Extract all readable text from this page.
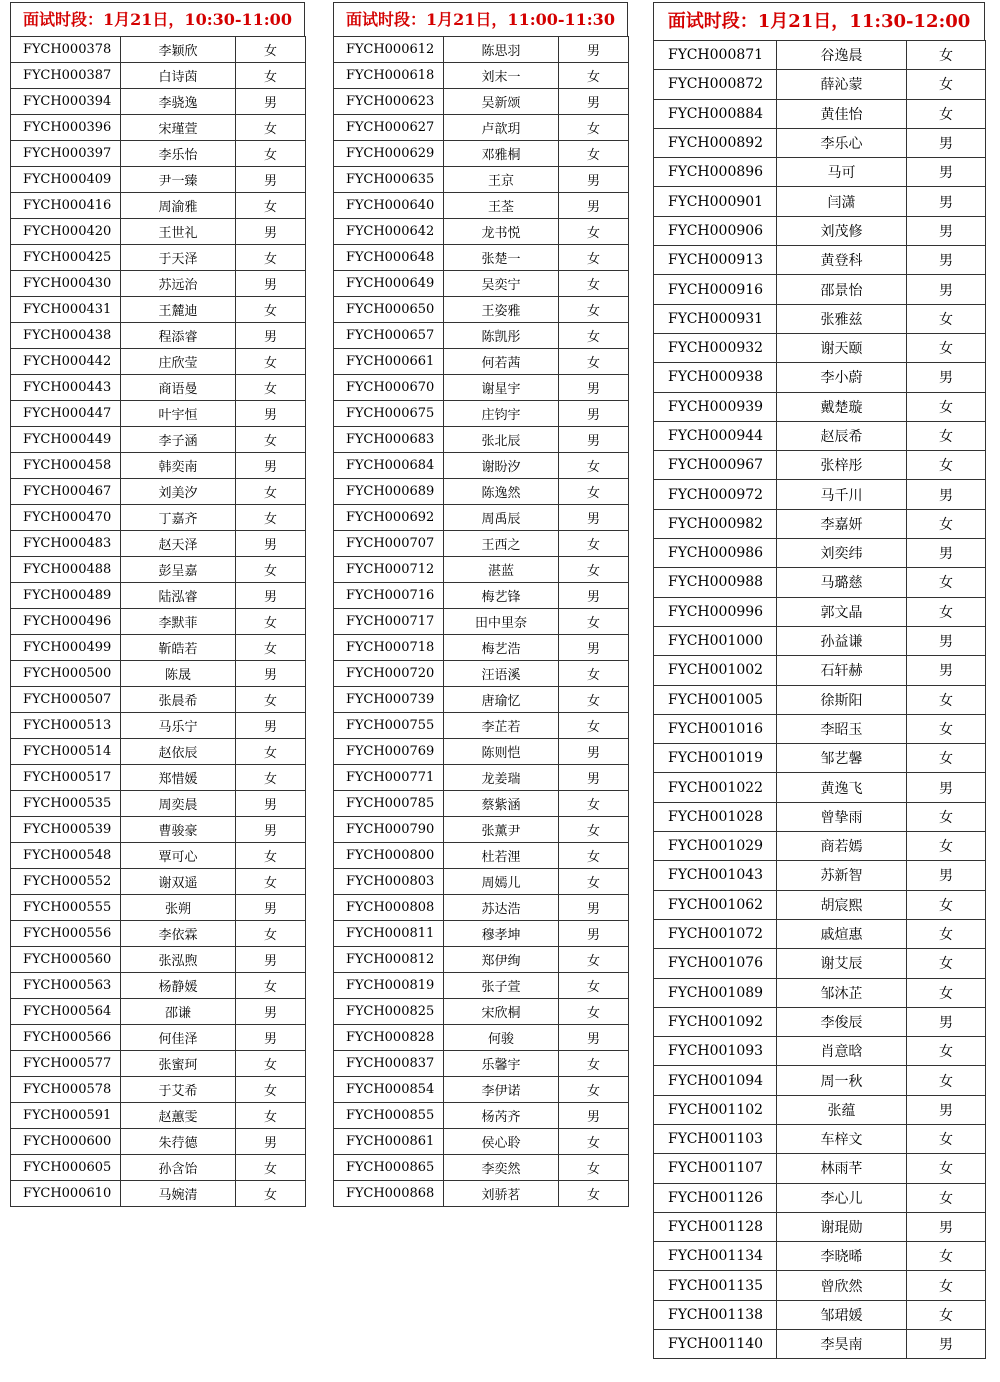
面试时段：1月21日，10:30-11:00
FYCH000378	李颖欣	女
FYCH000387	白诗茵	女
FYCH000394	李骁逸	男
FYCH000396	宋瑾萱	女
FYCH000397	李乐怡	女
FYCH000409	尹一臻	男
FYCH000416	周渝雅	女
FYCH000420	王世礼	男
FYCH000425	于天泽	女
FYCH000430	苏远治	男
FYCH000431	王麓迪	女
FYCH000438	程添睿	男
FYCH000442	庄欣莹	女
FYCH000443	商语曼	女
FYCH000447	叶宇恒	男
FYCH000449	李子涵	女
FYCH000458	韩奕南	男
FYCH000467	刘美汐	女
FYCH000470	丁嘉齐	女
FYCH000483	赵天泽	男
FYCH000488	彭呈嘉	女
FYCH000489	陆泓睿	男
FYCH000496	李默菲	女
FYCH000499	靳皓若	女
FYCH000500	陈晟	男
FYCH000507	张晨希	女
FYCH000513	马乐宁	男
FYCH000514	赵依辰	女
FYCH000517	郑惜媛	女
FYCH000535	周奕晨	男
FYCH000539	曹骏豪	男
FYCH000548	覃可心	女
FYCH000552	谢双遥	女
FYCH000555	张朔	男
FYCH000556	李依霖	女
FYCH000560	张泓煦	男
FYCH000563	杨静媛	女
FYCH000564	邵谦	男
FYCH000566	何佳泽	男
FYCH000577	张蜜珂	女
FYCH000578	于艾希	女
FYCH000591	赵蕙雯	女
FYCH000600	朱荇德	男
FYCH000605	孙含饴	女
FYCH000610	马婉清	女
面试时段：1月21日，11:00-11:30
FYCH000612	陈思羽	男
FYCH000618	刘末一	女
FYCH000623	吴新颂	男
FYCH000627	卢歆玥	女
FYCH000629	邓雅桐	女
FYCH000635	王京	男
FYCH000640	王荃	男
FYCH000642	龙书悦	女
FYCH000648	张楚一	女
FYCH000649	吴奕宁	女
FYCH000650	王姿雅	女
FYCH000657	陈凯彤	女
FYCH000661	何若茜	女
FYCH000670	谢星宇	男
FYCH000675	庄钧宇	男
FYCH000683	张北辰	男
FYCH000684	谢盼汐	女
FYCH000689	陈逸然	女
FYCH000692	周禹辰	男
FYCH000707	王西之	女
FYCH000712	湛蓝	女
FYCH000716	梅艺锋	男
FYCH000717	田中里奈	女
FYCH000718	梅艺浩	男
FYCH000720	汪语溪	女
FYCH000739	唐瑜忆	女
FYCH000755	李芷若	女
FYCH000769	陈则恺	男
FYCH000771	龙姜瑞	男
FYCH000785	蔡紫涵	女
FYCH000790	张薰尹	女
FYCH000800	杜若浬	女
FYCH000803	周嫣儿	女
FYCH000808	苏达浩	男
FYCH000811	穆孝坤	男
FYCH000812	郑伊绚	女
FYCH000819	张子萱	女
FYCH000825	宋欣桐	女
FYCH000828	何骏	男
FYCH000837	乐馨宇	女
FYCH000854	李伊诺	女
FYCH000855	杨芮齐	男
FYCH000861	侯心聆	女
FYCH000865	李奕然	女
FYCH000868	刘骄茗	女
面试时段：1月21日，11:30-12:00
FYCH000871	谷逸晨	女
FYCH000872	薛沁蒙	女
FYCH000884	黄佳怡	女
FYCH000892	李乐心	男
FYCH000896	马可	男
FYCH000901	闫潇	男
FYCH000906	刘茂修	男
FYCH000913	黄登科	男
FYCH000916	邵景怡	男
FYCH000931	张雅兹	女
FYCH000932	谢天颐	女
FYCH000938	李小蔚	男
FYCH000939	戴楚璇	女
FYCH000944	赵辰希	女
FYCH000967	张梓彤	女
FYCH000972	马千川	男
FYCH000982	李嘉妍	女
FYCH000986	刘奕纬	男
FYCH000988	马璐慈	女
FYCH000996	郭文晶	女
FYCH001000	孙益谦	男
FYCH001002	石轩赫	男
FYCH001005	徐斯阳	女
FYCH001016	李昭玉	女
FYCH001019	邹艺馨	女
FYCH001022	黄逸飞	男
FYCH001028	曾挚雨	女
FYCH001029	商若嫣	女
FYCH001043	苏新智	男
FYCH001062	胡宸熙	女
FYCH001072	戚煊惠	女
FYCH001076	谢艾辰	女
FYCH001089	邹沐芷	女
FYCH001092	李俊辰	男
FYCH001093	肖意晗	女
FYCH001094	周一秋	女
FYCH001102	张蕴	男
FYCH001103	车梓文	女
FYCH001107	林雨芊	女
FYCH001126	李心儿	女
FYCH001128	谢琨勋	男
FYCH001134	李晓晞	女
FYCH001135	曾欣然	女
FYCH001138	邹珺媛	女
FYCH001140	李昊南	男
